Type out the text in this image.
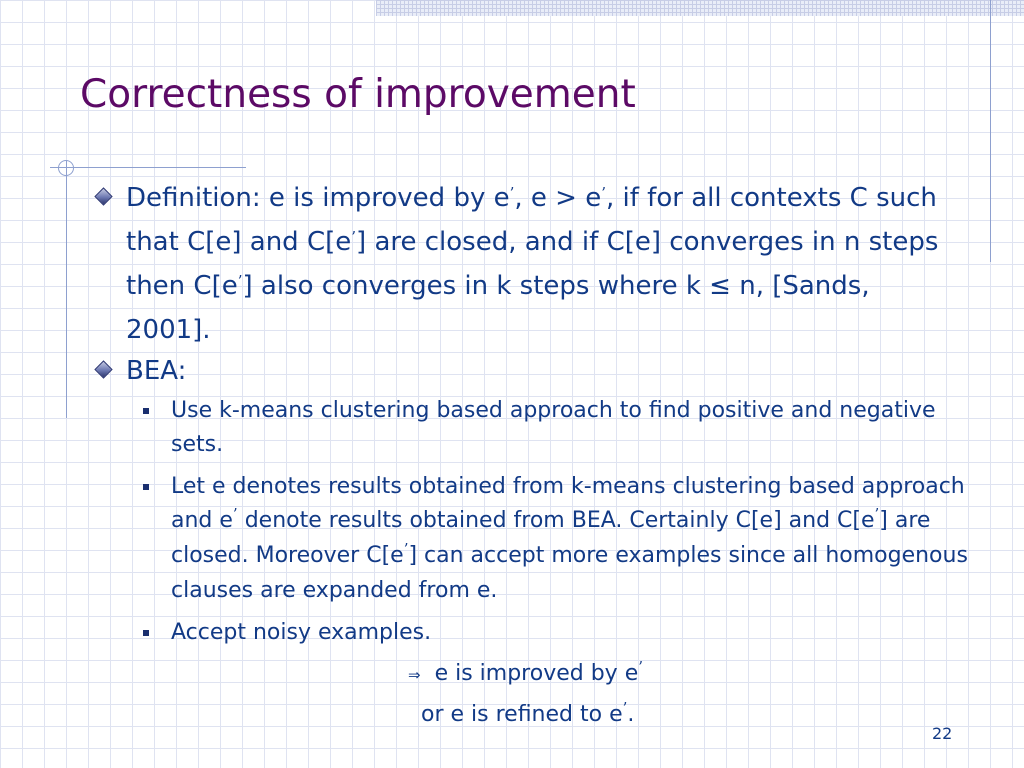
Correctness of improvement
Definition: e is improved by e’, e > e’, if for all contexts C such that C[e] and C[e’] are closed, and if C[e] converges in n steps then C[e’] also converges in k steps where k ≤ n, [Sands, 2001].
BEA:
Use k-means clustering based approach to find positive and negative sets.
Let e denotes results obtained from k-means clustering based approach and e’ denote results obtained from BEA. Certainly C[e] and C[e’] are closed. Moreover C[e’] can accept more examples since all homogenous clauses are expanded from e.
Accept noisy examples.
⇒ e is improved by e’
or e is refined to e’.
22
